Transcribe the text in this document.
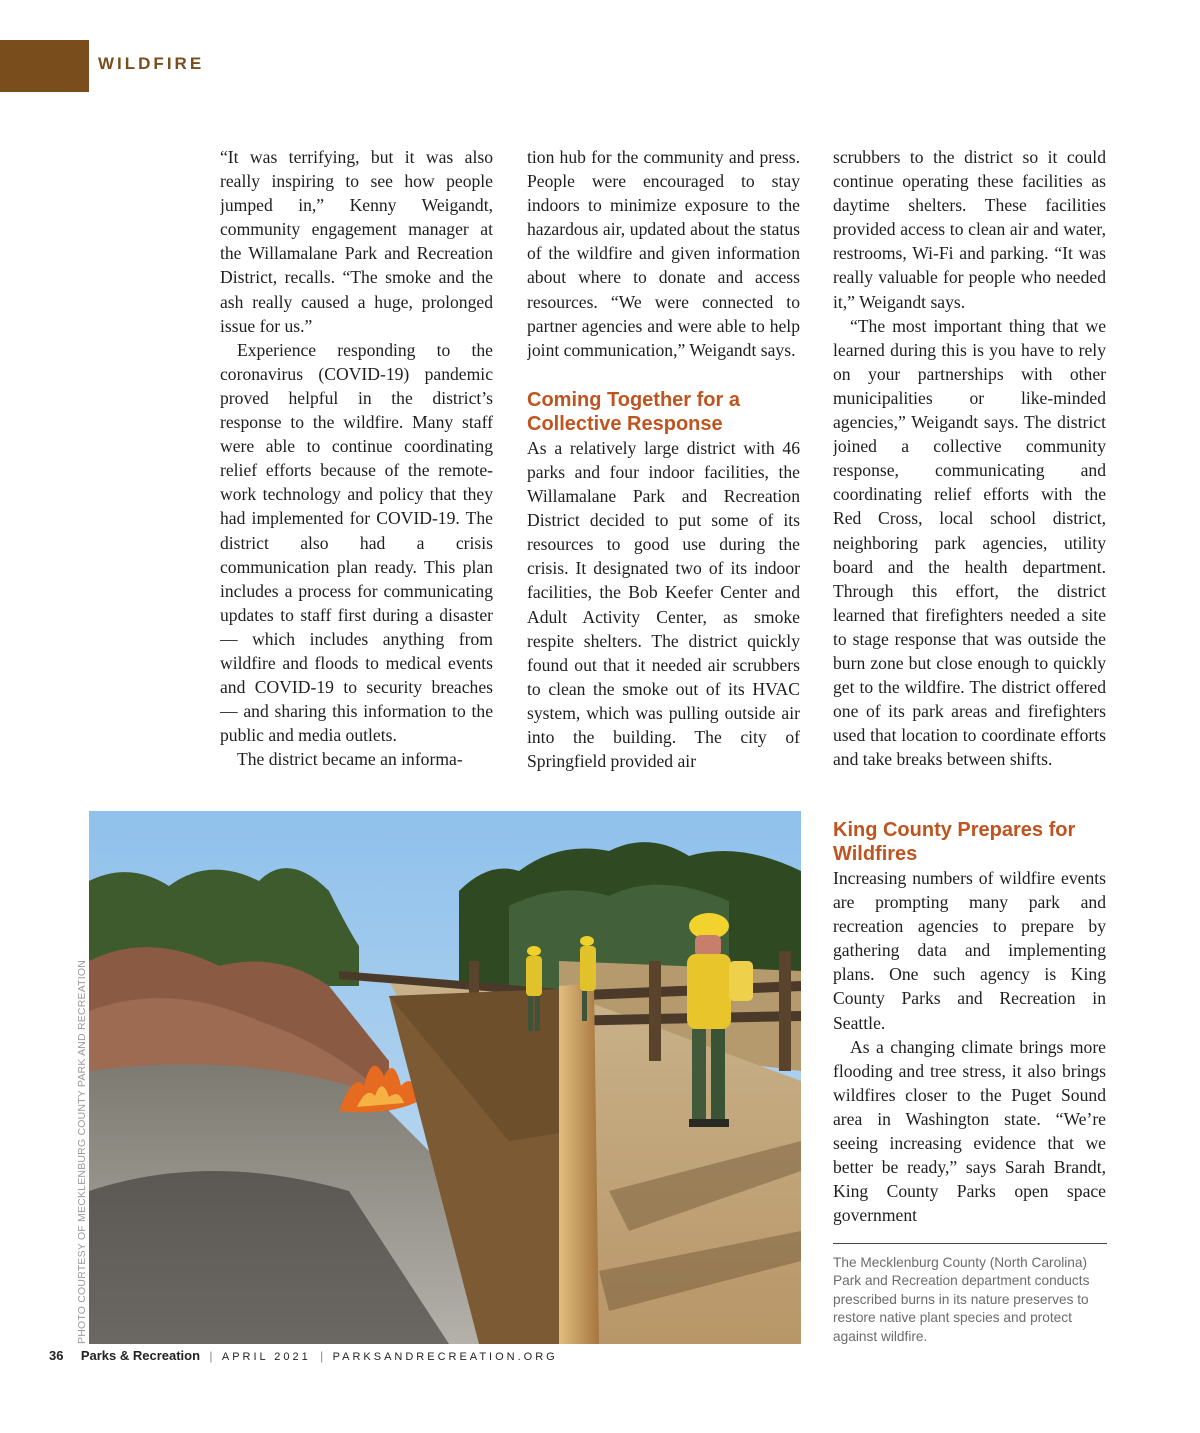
WILDFIRE

“It was terrifying, but it was also really inspiring to see how people jumped in,” Kenny Weigandt, community engagement manager at the Willamalane Park and Recreation District, recalls. “The smoke and the ash really caused a huge, prolonged issue for us.”

Experience responding to the coronavirus (COVID-19) pandemic proved helpful in the district’s response to the wildfire. Many staff were able to continue coordinating relief efforts because of the remote-work technology and policy that they had implemented for COVID-19. The district also had a crisis communication plan ready. This plan includes a process for communicating updates to staff first during a disaster — which includes anything from wildfire and floods to medical events and COVID-19 to security breaches — and sharing this information to the public and media outlets.

The district became an informa-

tion hub for the community and press. People were encouraged to stay indoors to minimize exposure to the hazardous air, updated about the status of the wildfire and given information about where to donate and access resources. “We were connected to partner agencies and were able to help joint communication,” Weigandt says.

Coming Together for a Collective Response

As a relatively large district with 46 parks and four indoor facilities, the Willamalane Park and Recreation District decided to put some of its resources to good use during the crisis. It designated two of its indoor facilities, the Bob Keefer Center and Adult Activity Center, as smoke respite shelters. The district quickly found out that it needed air scrubbers to clean the smoke out of its HVAC system, which was pulling outside air into the building. The city of Springfield provided air

scrubbers to the district so it could continue operating these facilities as daytime shelters. These facilities provided access to clean air and water, restrooms, Wi-Fi and parking. “It was really valuable for people who needed it,” Weigandt says.

“The most important thing that we learned during this is you have to rely on your partnerships with other municipalities or like-minded agencies,” Weigandt says. The district joined a collective community response, communicating and coordinating relief efforts with the Red Cross, local school district, neighboring park agencies, utility board and the health department. Through this effort, the district learned that firefighters needed a site to stage response that was outside the burn zone but close enough to quickly get to the wildfire. The district offered one of its park areas and firefighters used that location to coordinate efforts and take breaks between shifts.

King County Prepares for Wildfires

Increasing numbers of wildfire events are prompting many park and recreation agencies to prepare by gathering data and implementing plans. One such agency is King County Parks and Recreation in Seattle.

As a changing climate brings more flooding and tree stress, it also brings wildfires closer to the Puget Sound area in Washington state. “We’re seeing increasing evidence that we better be ready,” says Sarah Brandt, King County Parks open space government

PHOTO COURTESY OF MECKLENBURG COUNTY PARK AND RECREATION	The Mecklenburg County (North Carolina) Park and Recreation department conducts prescribed burns in its nature preserves to restore native plant species and protect against wildfire.
36 Parks & Recreation | APRIL 2021 | PARKSANDRECREATION.ORG
